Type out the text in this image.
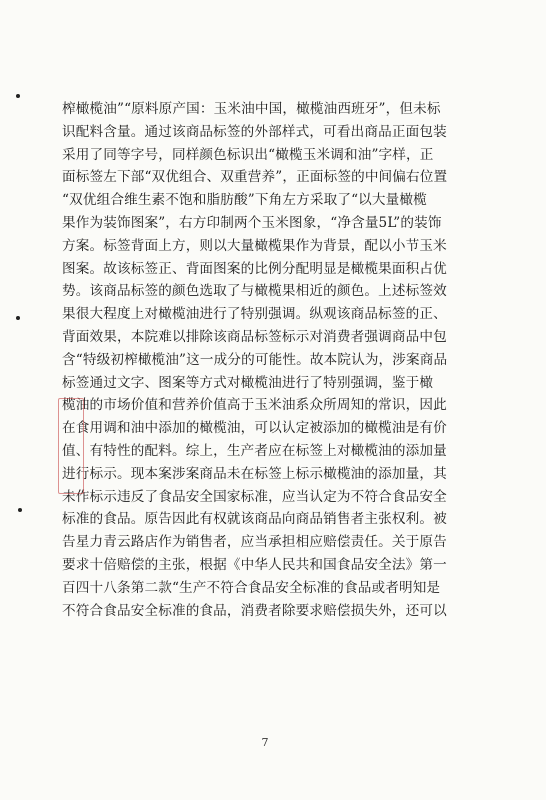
榨橄榄油”“原料原产国：玉米油中国，橄榄油西班牙”，但未标
识配料含量。通过该商品标签的外部样式，可看出商品正面包装
采用了同等字号，同样颜色标识出“橄榄玉米调和油”字样，正
面标签左下部“双优组合、双重营养”，正面标签的中间偏右位置
“双优组合维生素不饱和脂肪酸”下角左方采取了“以大量橄榄
果作为装饰图案”，右方印制两个玉米图象，“净含量5L”的装饰
方案。标签背面上方，则以大量橄榄果作为背景，配以小节玉米
图案。故该标签正、背面图案的比例分配明显是橄榄果面积占优
势。该商品标签的颜色选取了与橄榄果相近的颜色。上述标签效
果很大程度上对橄榄油进行了特别强调。纵观该商品标签的正、
背面效果，本院难以排除该商品标签标示对消费者强调商品中包
含“特级初榨橄榄油”这一成分的可能性。故本院认为，涉案商品
标签通过文字、图案等方式对橄榄油进行了特别强调，鉴于橄
榄油的市场价值和营养价值高于玉米油系众所周知的常识，因此
在食用调和油中添加的橄榄油，可以认定被添加的橄榄油是有价
值、有特性的配料。综上，生产者应在标签上对橄榄油的添加量
进行标示。现本案涉案商品未在标签上标示橄榄油的添加量，其
未作标示违反了食品安全国家标准，应当认定为不符合食品安全
标准的食品。原告因此有权就该商品向商品销售者主张权利。被
告星力青云路店作为销售者，应当承担相应赔偿责任。关于原告
要求十倍赔偿的主张，根据《中华人民共和国食品安全法》第一
百四十八条第二款“生产不符合食品安全标准的食品或者明知是
不符合食品安全标准的食品，消费者除要求赔偿损失外，还可以
7
